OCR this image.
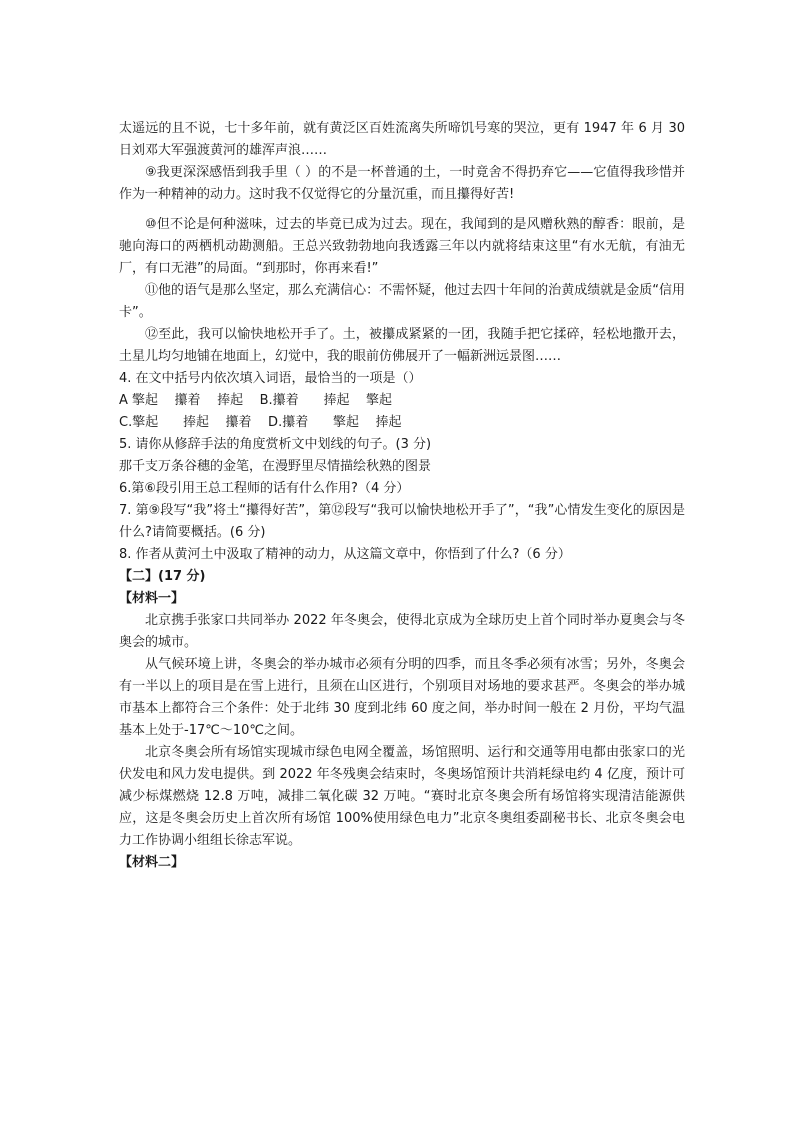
太遥远的且不说，七十多年前，就有黄泛区百姓流离失所啼饥号寒的哭泣，更有 1947 年 6 月 30 日刘邓大军强渡黄河的雄浑声浪……

⑨我更深深感悟到我手里（ ）的不是一杯普通的土，一时竟舍不得扔弃它——它值得我珍惜并作为一种精神的动力。这时我不仅觉得它的分量沉重，而且攥得好苦!

⑩但不论是何种滋味，过去的毕竟已成为过去。现在，我闻到的是风赠秋熟的醇香：眼前，是驰向海口的两栖机动勘测船。王总兴致勃勃地向我透露三年以内就将结束这里“有水无航，有油无厂，有口无港”的局面。“到那时，你再来看!”

⑪他的语气是那么坚定，那么充满信心：不需怀疑，他过去四十年间的治黄成绩就是金质“信用卡”。

⑫至此，我可以愉快地松开手了。土，被攥成紧紧的一团，我随手把它揉碎，轻松地撒开去，土星儿均匀地铺在地面上，幻觉中，我的眼前仿佛展开了一幅新洲远景图……

4. 在文中括号内依次填入词语，最恰当的一项是（）

A 擎起    攥着    捧起    B.攥着      捧起    擎起

C.擎起      捧起    攥着    D.攥着      擎起    捧起

5. 请你从修辞手法的角度赏析文中划线的句子。(3 分)

那千支万条谷穗的金笔，在漫野里尽情描绘秋熟的图景

6.第⑥段引用王总工程师的话有什么作用?（4 分）

7. 第⑨段写“我”将土“攥得好苦”，第⑫段写“我可以愉快地松开手了”，“我”心情发生变化的原因是什么?请简要概括。(6 分)

8. 作者从黄河土中汲取了精神的动力，从这篇文章中，你悟到了什么?（6 分）

【二】(17 分)

【材料一】

北京携手张家口共同举办 2022 年冬奥会，使得北京成为全球历史上首个同时举办夏奥会与冬奥会的城市。

从气候环境上讲，冬奥会的举办城市必须有分明的四季，而且冬季必须有冰雪；另外，冬奥会有一半以上的项目是在雪上进行，且须在山区进行，个别项目对场地的要求甚严。冬奥会的举办城市基本上都符合三个条件：处于北纬 30 度到北纬 60 度之间，举办时间一般在 2 月份，平均气温基本上处于-17℃～10℃之间。

北京冬奥会所有场馆实现城市绿色电网全覆盖，场馆照明、运行和交通等用电都由张家口的光伏发电和风力发电提供。到 2022 年冬残奥会结束时，冬奥场馆预计共消耗绿电约 4 亿度，预计可减少标煤燃烧 12.8 万吨，减排二氧化碳 32 万吨。“赛时北京冬奥会所有场馆将实现清洁能源供应，这是冬奥会历史上首次所有场馆 100%使用绿色电力”北京冬奥组委副秘书长、北京冬奥会电力工作协调小组组长徐志军说。

【材料二】
